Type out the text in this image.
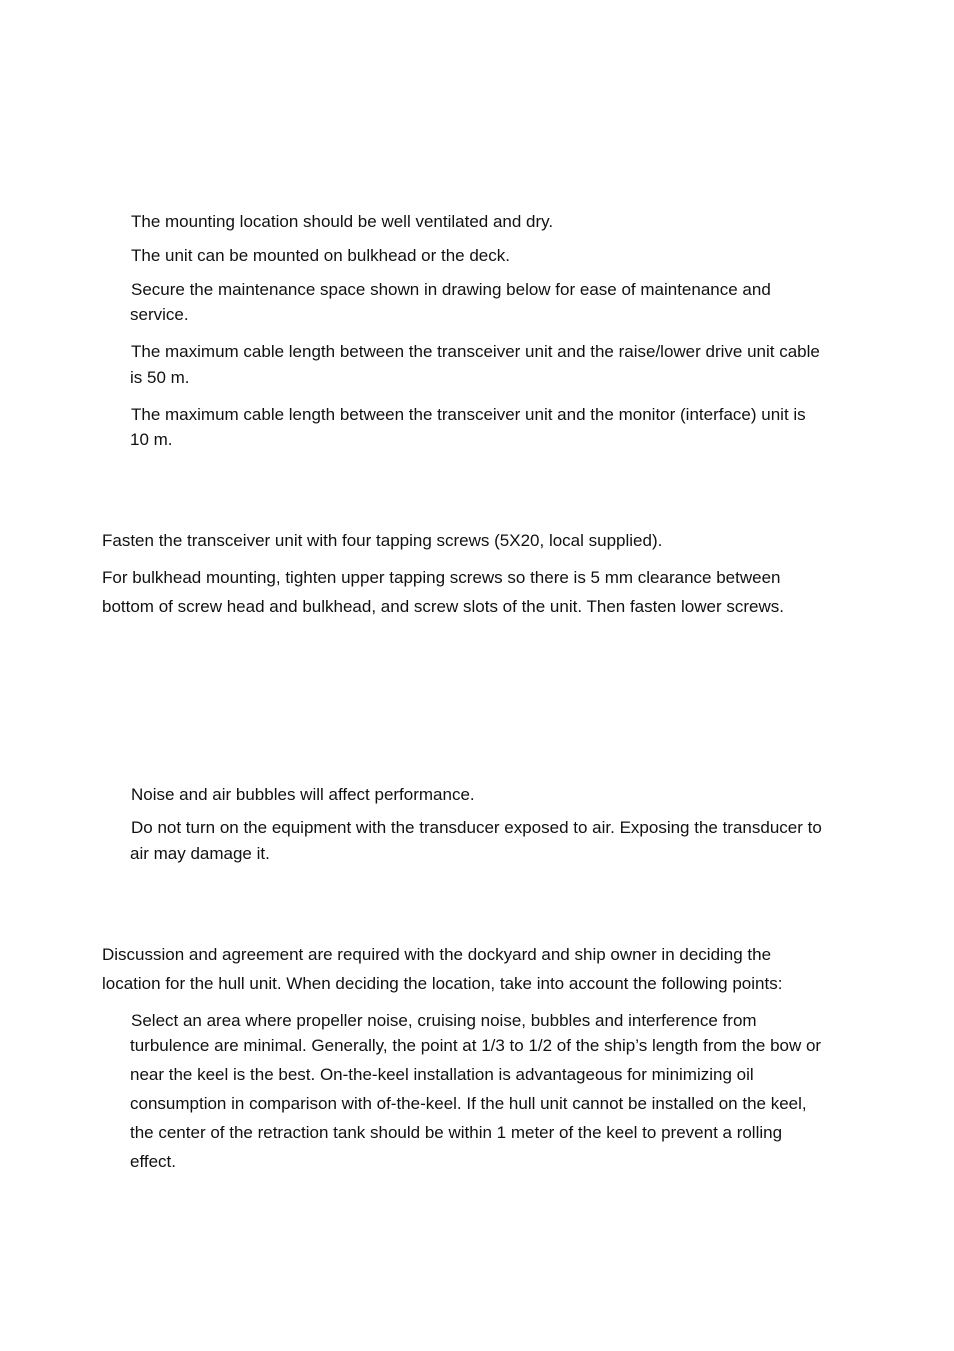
The mounting location should be well ventilated and dry.

The unit can be mounted on bulkhead or the deck.

Secure the maintenance space shown in drawing below for ease of maintenance and

service.

The maximum cable length between the transceiver unit and the raise/lower drive unit cable

is 50 m.

The maximum cable length between the transceiver unit and the monitor (interface) unit is

10 m.

Fasten the transceiver unit with four tapping screws (5X20, local supplied).

For bulkhead mounting, tighten upper tapping screws so there is 5 mm clearance between

bottom of screw head and bulkhead, and screw slots of the unit. Then fasten lower screws.

Noise and air bubbles will affect performance.

Do not turn on the equipment with the transducer exposed to air. Exposing the transducer to

air may damage it.

Discussion and agreement are required with the dockyard and ship owner in deciding the

location for the hull unit. When deciding the location, take into account the following points:

Select an area where propeller noise, cruising noise, bubbles and interference from

turbulence are minimal. Generally, the point at 1/3 to 1/2 of the ship’s length from the bow or

near the keel is the best. On-the-keel installation is advantageous for minimizing oil

consumption in comparison with of-the-keel. If the hull unit cannot be installed on the keel,

the center of the retraction tank should be within 1 meter of the keel to prevent a rolling

effect.
